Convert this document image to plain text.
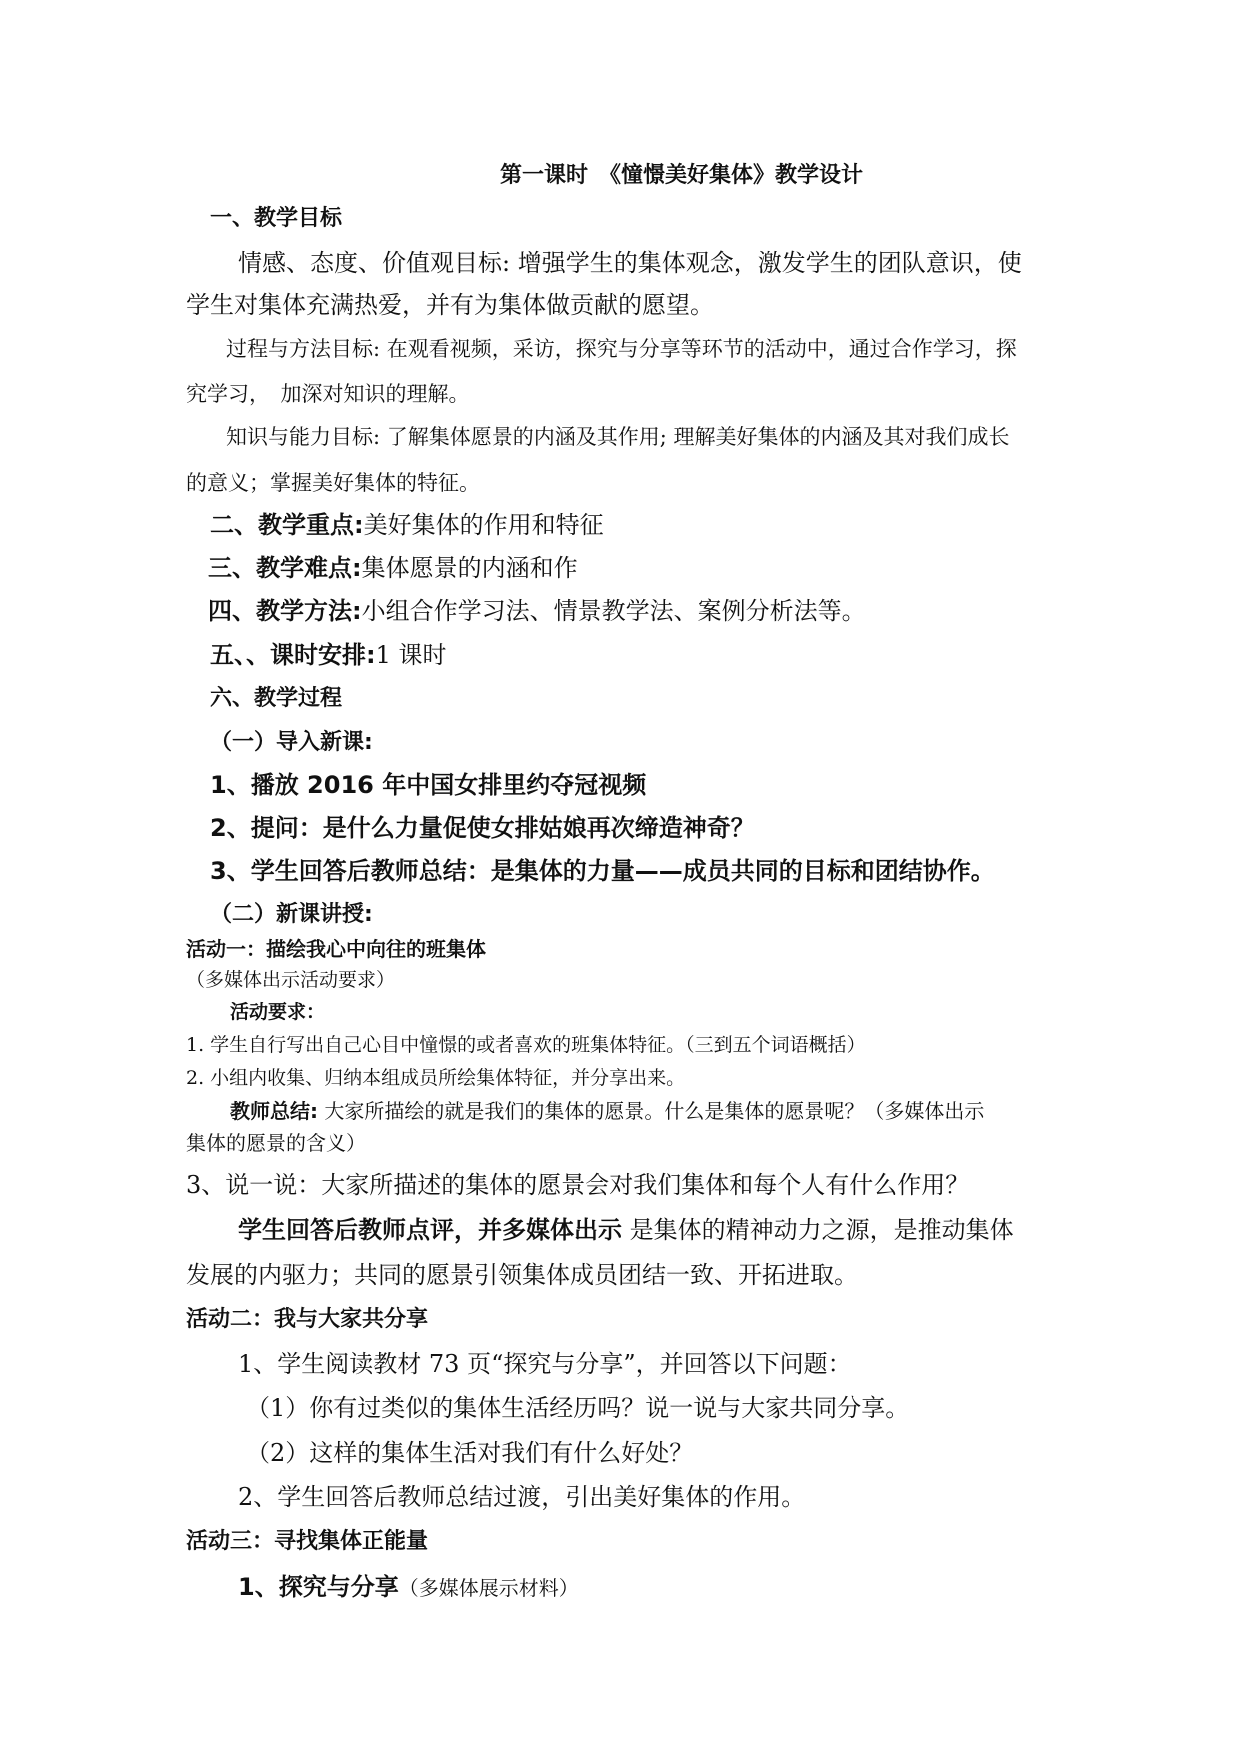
第一课时　《憧憬美好集体》教学设计
一、教学目标
情感、态度、价值观目标: 增强学生的集体观念，激发学生的团队意识，使
学生对集体充满热爱，并有为集体做贡献的愿望。
过程与方法目标: 在观看视频，采访，探究与分享等环节的活动中，通过合作学习，探
究学习，　加深对知识的理解。
知识与能力目标: 了解集体愿景的内涵及其作用; 理解美好集体的内涵及其对我们成长
的意义；掌握美好集体的特征。
二、教学重点:美好集体的作用和特征
三、教学难点:集体愿景的内涵和作
四、教学方法:小组合作学习法、情景教学法、案例分析法等。
五、、课时安排:1 课时
六、教学过程
（一）导入新课:
1、播放 2016 年中国女排里约夺冠视频
2、提问：是什么力量促使女排姑娘再次缔造神奇？
3、学生回答后教师总结：是集体的力量——成员共同的目标和团结协作。
（二）新课讲授:
活动一：描绘我心中向往的班集体
（多媒体出示活动要求）
活动要求：
1. 学生自行写出自己心目中憧憬的或者喜欢的班集体特征。（三到五个词语概括）
2. 小组内收集、归纳本组成员所绘集体特征，并分享出来。
教师总结: 大家所描绘的就是我们的集体的愿景。什么是集体的愿景呢？（多媒体出示
集体的愿景的含义）
3、说一说：大家所描述的集体的愿景会对我们集体和每个人有什么作用？
学生回答后教师点评，并多媒体出示 是集体的精神动力之源，是推动集体
发展的内驱力；共同的愿景引领集体成员团结一致、开拓进取。
活动二：我与大家共分享
1、学生阅读教材 73 页“探究与分享”，并回答以下问题：
（1）你有过类似的集体生活经历吗？说一说与大家共同分享。
（2）这样的集体生活对我们有什么好处？
2、学生回答后教师总结过渡，引出美好集体的作用。
活动三：寻找集体正能量
1、探究与分享（多媒体展示材料）
